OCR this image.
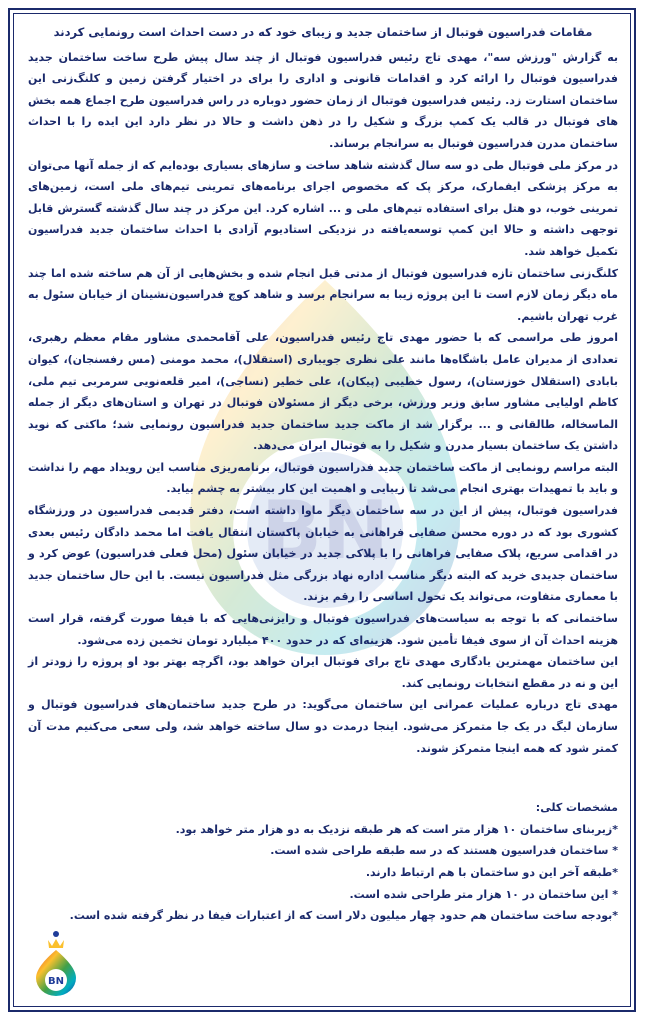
BN

مقامات فدراسیون فوتبال از ساختمان جدید و زیبای خود که در دست احداث است رونمایی کردند

به گزارش "ورزش سه"، مهدی تاج رئیس فدراسیون فوتبال از چند سال پیش طرح ساخت ساختمان جدید فدراسیون فوتبال را ارائه کرد و اقدامات قانونی و اداری را برای در اختیار گرفتن زمین و کلنگ‌زنی این ساختمان استارت زد. رئیس فدراسیون فوتبال از زمان حضور دوباره در راس فدراسیون طرح اجماع همه بخش های فوتبال در قالب یک کمپ بزرگ و شکیل را در ذهن داشت و حالا در نظر دارد این ایده را با احداث ساختمان مدرن فدراسیون فوتبال به سرانجام برساند.

در مرکز ملی فوتبال طی دو سه سال گذشته شاهد ساخت و سازهای بسیاری بوده‌ایم که از جمله آنها می‌توان به مرکز پزشکی ایفمارک، مرکز پک که مخصوص اجرای برنامه‌های تمرینی تیم‌های ملی است، زمین‌های تمرینی خوب، دو هتل برای استفاده تیم‌های ملی و ... اشاره کرد. این مرکز در چند سال گذشته گسترش قابل توجهی داشته و حالا این کمپ توسعه‌یافته در نزدیکی استادیوم آزادی با احداث ساختمان جدید فدراسیون تکمیل خواهد شد.

کلنگ‌زنی ساختمان تازه فدراسیون فوتبال از مدتی قبل انجام شده و بخش‌هایی از آن هم ساخته شده اما چند ماه دیگر زمان لازم است تا این پروژه زیبا به سرانجام برسد و شاهد کوچ فدراسیون‌نشینان از خیابان سئول به غرب تهران باشیم.

امروز طی مراسمی که با حضور مهدی تاج رئیس فدراسیون، علی آقامحمدی مشاور مقام معظم رهبری، تعدادی از مدیران عامل باشگاه‌ها مانند علی نظری جویباری (استقلال)، محمد مومنی (مس رفسنجان)، کیوان بابادی (استقلال خوزستان)، رسول خطیبی (پیکان)، علی خطیر (نساجی)، امیر قلعه‌نویی سرمربی تیم ملی، کاظم اولیایی مشاور سابق وزیر ورزش، برخی دیگر از مسئولان فوتبال در تهران و استان‌های دیگر از جمله الماسخاله، طالقانی و ... برگزار شد از ماکت جدید ساختمان جدید فدراسیون رونمایی شد؛ ماکتی که نوید داشتن یک ساختمان بسیار مدرن و شکیل را به فوتبال ایران می‌دهد.

البته مراسم رونمایی از ماکت ساختمان جدید فدراسیون فوتبال، برنامه‌ریزی مناسب این رویداد مهم را نداشت و باید با تمهیدات بهتری انجام می‌شد تا زیبایی و اهمیت این کار بیشتر به چشم بیاید.

فدراسیون فوتبال، پیش از این در سه ساختمان دیگر ماوا داشته است، دفتر قدیمی فدراسیون در ورزشگاه کشوری بود که در دوره محسن صفایی فراهانی به خیابان پاکستان انتقال یافت اما محمد دادگان رئیس بعدی در اقدامی سریع، پلاک صفایی فراهانی را با پلاکی جدید در خیابان سئول (محل فعلی فدراسیون) عوض کرد و ساختمان جدیدی خرید که البته دیگر مناسب اداره نهاد بزرگی مثل فدراسیون نیست. با این حال ساختمان جدید با معماری متفاوت، می‌تواند یک تحول اساسی را رقم بزند.

ساختمانی که با توجه به سیاست‌های فدراسیون فوتبال و رایزنی‌هایی که با فیفا صورت گرفته، قرار است هزینه احداث آن از سوی فیفا تأمین شود. هزینه‌ای که در حدود ۴۰۰ میلیارد تومان تخمین زده می‌شود.

این ساختمان مهمترین یادگاری مهدی تاج برای فوتبال ایران خواهد بود، اگرچه بهتر بود او پروژه را زودتر از این و نه در مقطع انتخابات رونمایی کند.

مهدی تاج درباره عملیات عمرانی این ساختمان می‌گوید: در طرح جدید ساختمان‌های فدراسیون فوتبال و سازمان لیگ در یک جا متمرکز می‌شود. اینجا درمدت دو سال ساخته خواهد شد، ولی سعی می‌کنیم مدت آن کمتر شود که همه اینجا متمرکز شوند.

مشخصات کلی:

*زیربنای ساختمان ۱۰ هزار متر است که هر طبقه نزدیک به دو هزار متر خواهد بود.

* ساختمان فدراسیون هستند که در سه طبقه طراحی شده است.

*طبقه آخر این دو ساختمان با هم ارتباط دارند.

* این ساختمان در ۱۰ هزار متر طراحی شده است.

*بودجه ساخت ساختمان هم حدود چهار میلیون دلار است که از اعتبارات فیفا در نظر گرفته شده است.

BN
